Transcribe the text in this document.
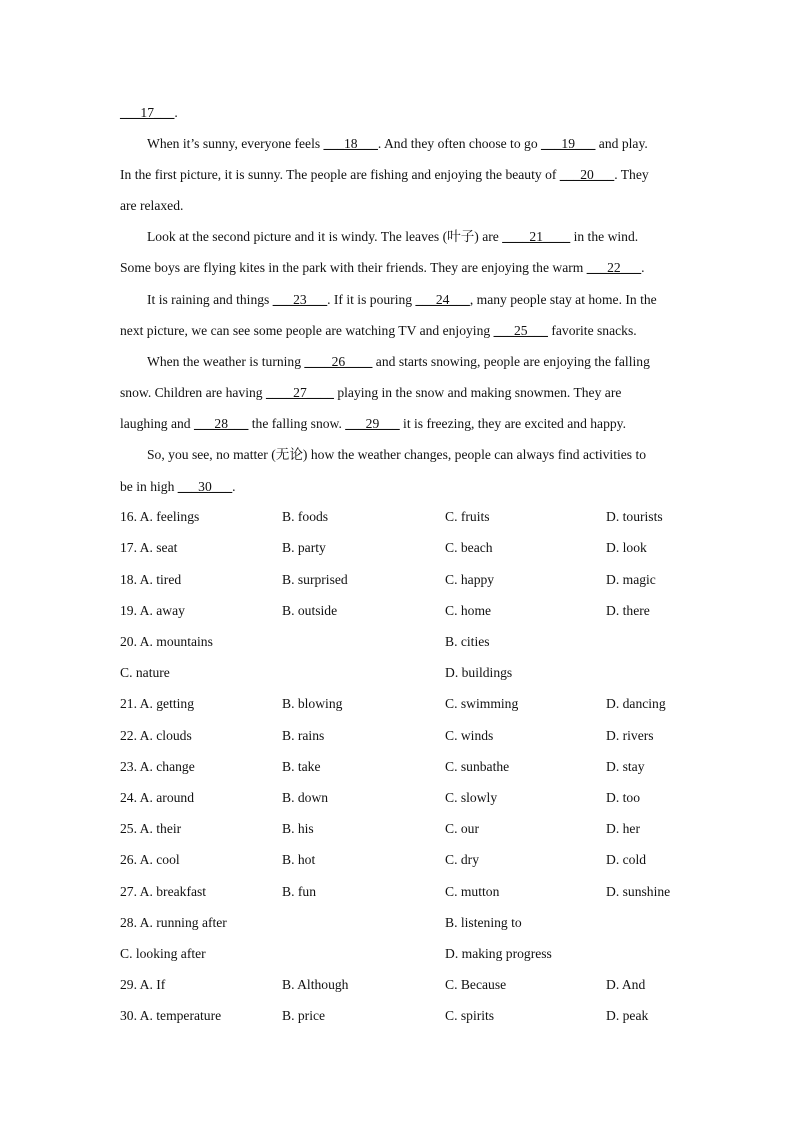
___17___.
When it’s sunny, everyone feels ___18___. And they often choose to go ___19___ and play.
In the first picture, it is sunny. The people are fishing and enjoying the beauty of ___20___. They
are relaxed.
Look at the second picture and it is windy. The leaves (叶子) are ____21____ in the wind.
Some boys are flying kites in the park with their friends. They are enjoying the warm ___22___.
It is raining and things ___23___. If it is pouring ___24___, many people stay at home. In the
next picture, we can see some people are watching TV and enjoying ___25___ favorite snacks.
When the weather is turning ____26____ and starts snowing, people are enjoying the falling
snow. Children are having ____27____ playing in the snow and making snowmen. They are
laughing and ___28___ the falling snow. ___29___ it is freezing, they are excited and happy.
So, you see, no matter (无论) how the weather changes, people can always find activities to
be in high ___30___.
16. A. feelings	B. foods	C. fruits	D. tourists
17. A. seat	B. party	C. beach	D. look
18. A. tired	B. surprised	C. happy	D. magic
19. A. away	B. outside	C. home	D. there
20. A. mountains	B. cities
C. nature	D. buildings
21. A. getting	B. blowing	C. swimming	D. dancing
22. A. clouds	B. rains	C. winds	D. rivers
23. A. change	B. take	C. sunbathe	D. stay
24. A. around	B. down	C. slowly	D. too
25. A. their	B. his	C. our	D. her
26. A. cool	B. hot	C. dry	D. cold
27. A. breakfast	B. fun	C. mutton	D. sunshine
28. A. running after	B. listening to
C. looking after	D. making progress
29. A. If	B. Although	C. Because	D. And
30. A. temperature	B. price	C. spirits	D. peak
